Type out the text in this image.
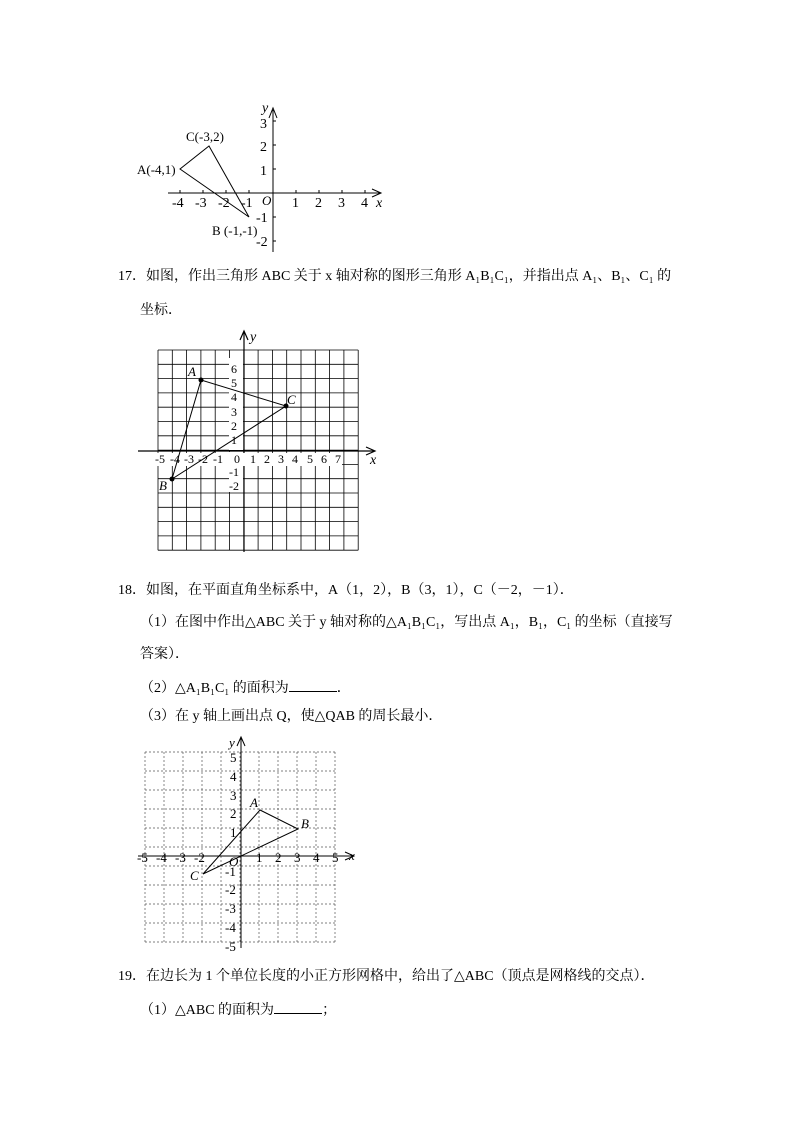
y
x
O
3
2
1
-1
-2
-4 -3 -2 -1	1 2 3 4
A(-4,1)
C(-3,2)
B (-1,-1)
17．如图，作出三角形 ABC 关于 x 轴对称的图形三角形 A₁B₁C₁，并指出点 A₁、B₁、C₁ 的
坐标．
y
x
6
5
4
3
2
1
-1
-2
-5 -4 -3 -2 -1 0 1 2 3 4 5 6 7
A
C
B
18．如图，在平面直角坐标系中，A（1，2），B（3，1），C（－2，－1）．
（1）在图中作出△ABC 关于 y 轴对称的△A₁B₁C₁，写出点 A₁，B₁，C₁ 的坐标（直接写
答案）．
（2）△A₁B₁C₁ 的面积为	．
（3）在 y 轴上画出点 Q，使△QAB 的周长最小．
y
x
O
5
4
3
2
1
-1
-2
-3
-4
-5
-5 -4 -3 -2	1 2 3 4 5
A
B
C
19．在边长为 1 个单位长度的小正方形网格中，给出了△ABC（顶点是网格线的交点）．
（1）△ABC 的面积为	；
